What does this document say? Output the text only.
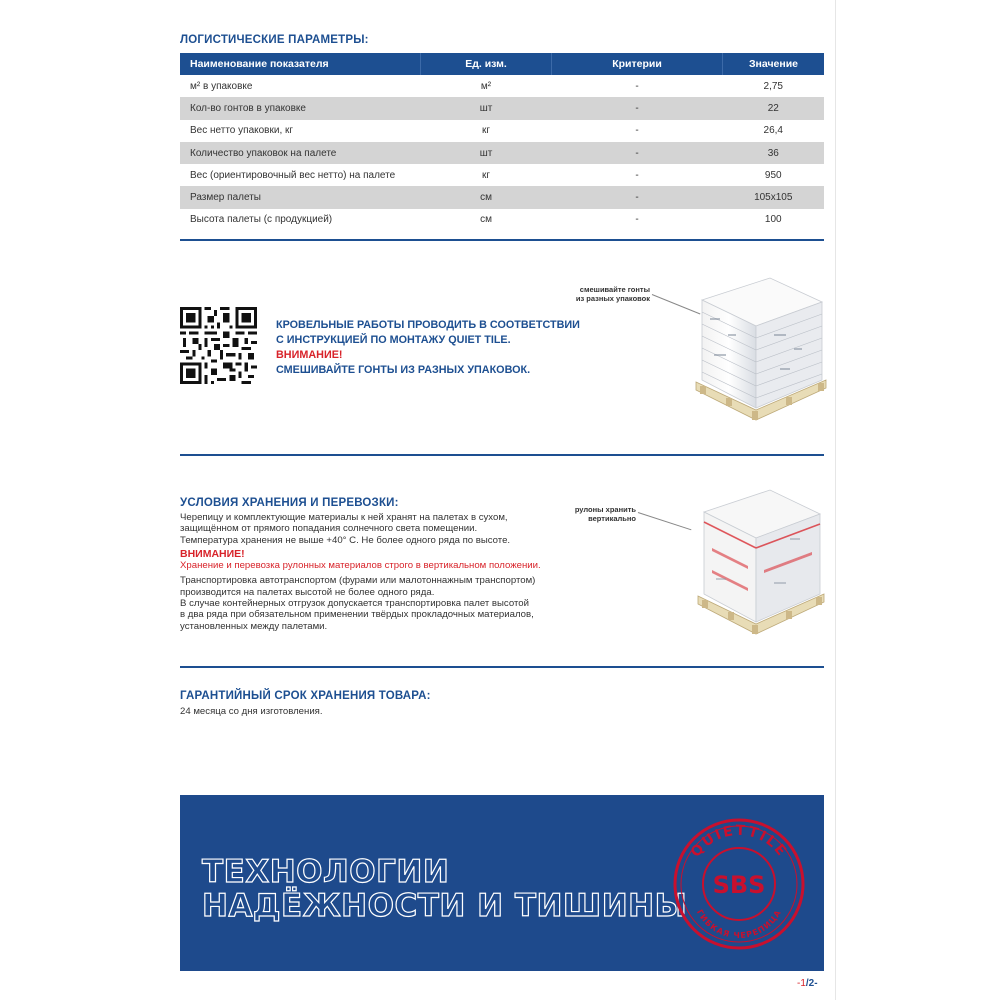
ЛОГИСТИЧЕСКИЕ ПАРАМЕТРЫ:
Наименование показателя	Ед. изм.	Критерии	Значение
м² в упаковке	м²	-	2,75
Кол-во гонтов в упаковке	шт	-	22
Вес нетто упаковки, кг	кг	-	26,4
Количество упаковок на палете	шт	-	36
Вес (ориентировочный вес нетто) на палете	кг	-	950
Размер палеты	см	-	105x105
Высота палеты (с продукцией)	см	-	100
КРОВЕЛЬНЫЕ РАБОТЫ ПРОВОДИТЬ В СООТВЕТСТВИИ
С ИНСТРУКЦИЕЙ ПО МОНТАЖУ QUIET TILE.
ВНИМАНИЕ!
СМЕШИВАЙТЕ ГОНТЫ ИЗ РАЗНЫХ УПАКОВОК.
смешивайте гонты
из разных упаковок
УСЛОВИЯ ХРАНЕНИЯ И ПЕРЕВОЗКИ:

Черепицу и комплектующие материалы к ней хранят на палетах в сухом,

защищённом от прямого попадания солнечного света помещении.

Температура хранения не выше +40° С. Не более одного ряда по высоте.

ВНИМАНИЕ!

Хранение и перевозка рулонных материалов строго в вертикальном положении.

Транспортировка автотранспортом (фурами или малотоннажным транспортом)

производится на палетах высотой не более одного ряда.

В случае контейнерных отгрузок допускается транспортировка палет высотой

в два ряда при обязательном применении твёрдых прокладочных материалов,

установленных между палетами.

рулоны хранить
вертикально
ГАРАНТИЙНЫЙ СРОК ХРАНЕНИЯ ТОВАРА:
24 месяца со дня изготовления.
ТЕХНОЛОГИИ
НАДЁЖНОСТИ И ТИШИНЫ
QUIETTILE
ГИБКАЯ ЧЕРЕПИЦА
SBS
-1/2-
